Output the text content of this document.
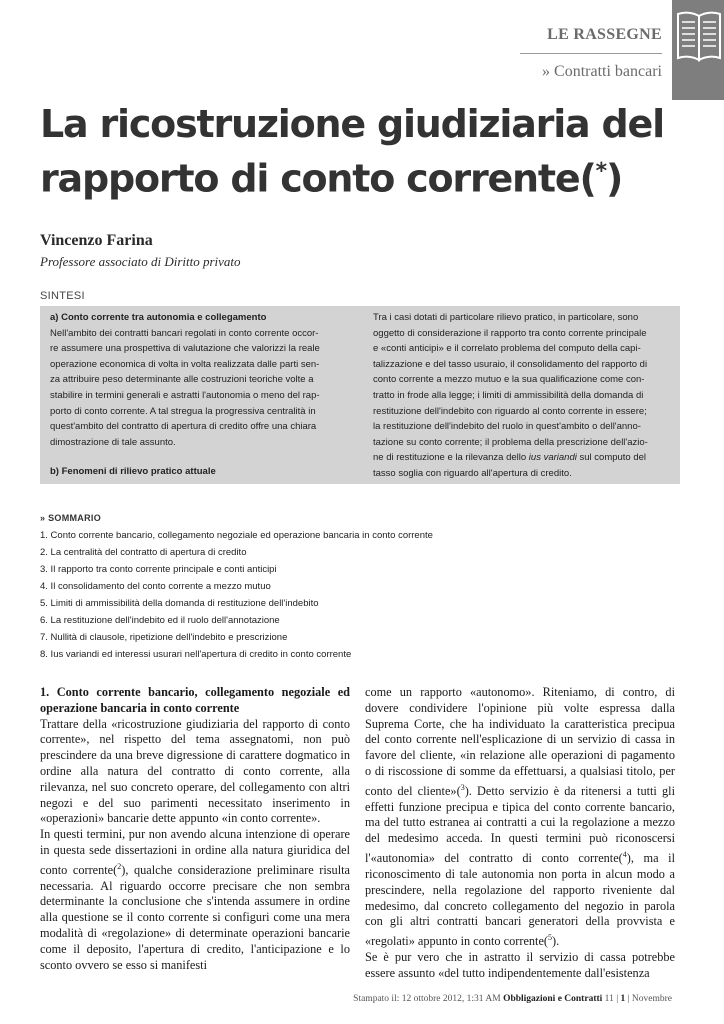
LE RASSEGNE
» Contratti bancari
La ricostruzione giudiziaria del
rapporto di conto corrente(*)
Vincenzo Farina
Professore associato di Diritto privato
SINTESI
a) Conto corrente tra autonomia e collegamento
Nell'ambito dei contratti bancari regolati in conto corrente occor-
re assumere una prospettiva di valutazione che valorizzi la reale
operazione economica di volta in volta realizzata dalle parti sen-
za attribuire peso determinante alle costruzioni teoriche volte a
stabilire in termini generali e astratti l'autonomia o meno del rap-
porto di conto corrente. A tal stregua la progressiva centralità in
quest'ambito del contratto di apertura di credito offre una chiara
dimostrazione di tale assunto.
b) Fenomeni di rilievo pratico attuale
Tra i casi dotati di particolare rilievo pratico, in particolare, sono
oggetto di considerazione il rapporto tra conto corrente principale
e «conti anticipi» e il correlato problema del computo della capi-
talizzazione e del tasso usuraio, il consolidamento del rapporto di
conto corrente a mezzo mutuo e la sua qualificazione come con-
tratto in frode alla legge; i limiti di ammissibilità della domanda di
restituzione dell'indebito con riguardo al conto corrente in essere;
la restituzione dell'indebito del ruolo in quest'ambito o dell'anno-
tazione su conto corrente; il problema della prescrizione dell'azio-
ne di restituzione e la rilevanza dello ius variandi sul computo del
tasso soglia con riguardo all'apertura di credito.
» SOMMARIO
1. Conto corrente bancario, collegamento negoziale ed operazione bancaria in conto corrente
2. La centralità del contratto di apertura di credito
3. Il rapporto tra conto corrente principale e conti anticipi
4. Il consolidamento del conto corrente a mezzo mutuo
5. Limiti di ammissibilità della domanda di restituzione dell'indebito
6. La restituzione dell'indebito ed il ruolo dell'annotazione
7. Nullità di clausole, ripetizione dell'indebito e prescrizione
8. Ius variandi ed interessi usurari nell'apertura di credito in conto corrente
1. Conto corrente bancario, collegamento negoziale ed operazione bancaria in conto corrente

Trattare della «ricostruzione giudiziaria del rapporto di conto corrente», nel rispetto del tema assegnatomi, non può prescindere da una breve digressione di carattere dogmatico in ordine alla natura del contratto di conto corrente, alla rilevanza, nel suo concreto operare, del collegamento con altri negozi e del suo parimenti necessitato inserimento in «operazioni» bancarie dette appunto «in conto corrente».

In questi termini, pur non avendo alcuna intenzione di operare in questa sede dissertazioni in ordine alla natura giuridica del conto corrente($^2$), qualche considerazione preliminare risulta necessaria. Al riguardo occorre precisare che non sembra determinante la conclusione che s'intenda assumere in ordine alla questione se il conto corrente si configuri come una mera modalità di «regolazione» di determinate operazioni bancarie come il deposito, l'apertura di credito, l'anticipazione e lo sconto ovvero se esso si manifesti

come un rapporto «autonomo». Riteniamo, di contro, di dovere condividere l'opinione più volte espressa dalla Suprema Corte, che ha individuato la caratteristica precipua del conto corrente nell'esplicazione di un servizio di cassa in favore del cliente, «in relazione alle operazioni di pagamento o di riscossione di somme da effettuarsi, a qualsiasi titolo, per conto del cliente»($^3$). Detto servizio è da ritenersi a tutti gli effetti funzione precipua e tipica del conto corrente bancario, ma del tutto estranea ai contratti a cui la regolazione a mezzo del medesimo acceda. In questi termini può riconoscersi l'«autonomia» del contratto di conto corrente($^4$), ma il riconoscimento di tale autonomia non porta in alcun modo a prescindere, nella regolazione del rapporto riveniente dal medesimo, dal concreto collegamento del negozio in parola con gli altri contratti bancari generatori della provvista e «regolati» appunto in conto corrente($^5$).

Se è pur vero che in astratto il servizio di cassa potrebbe essere assunto «del tutto indipendentemente dall'esistenza

Stampato il: 12 ottobre 2012, 1:31 AM Obbligazioni e Contratti 11 | 1 | Novembre
